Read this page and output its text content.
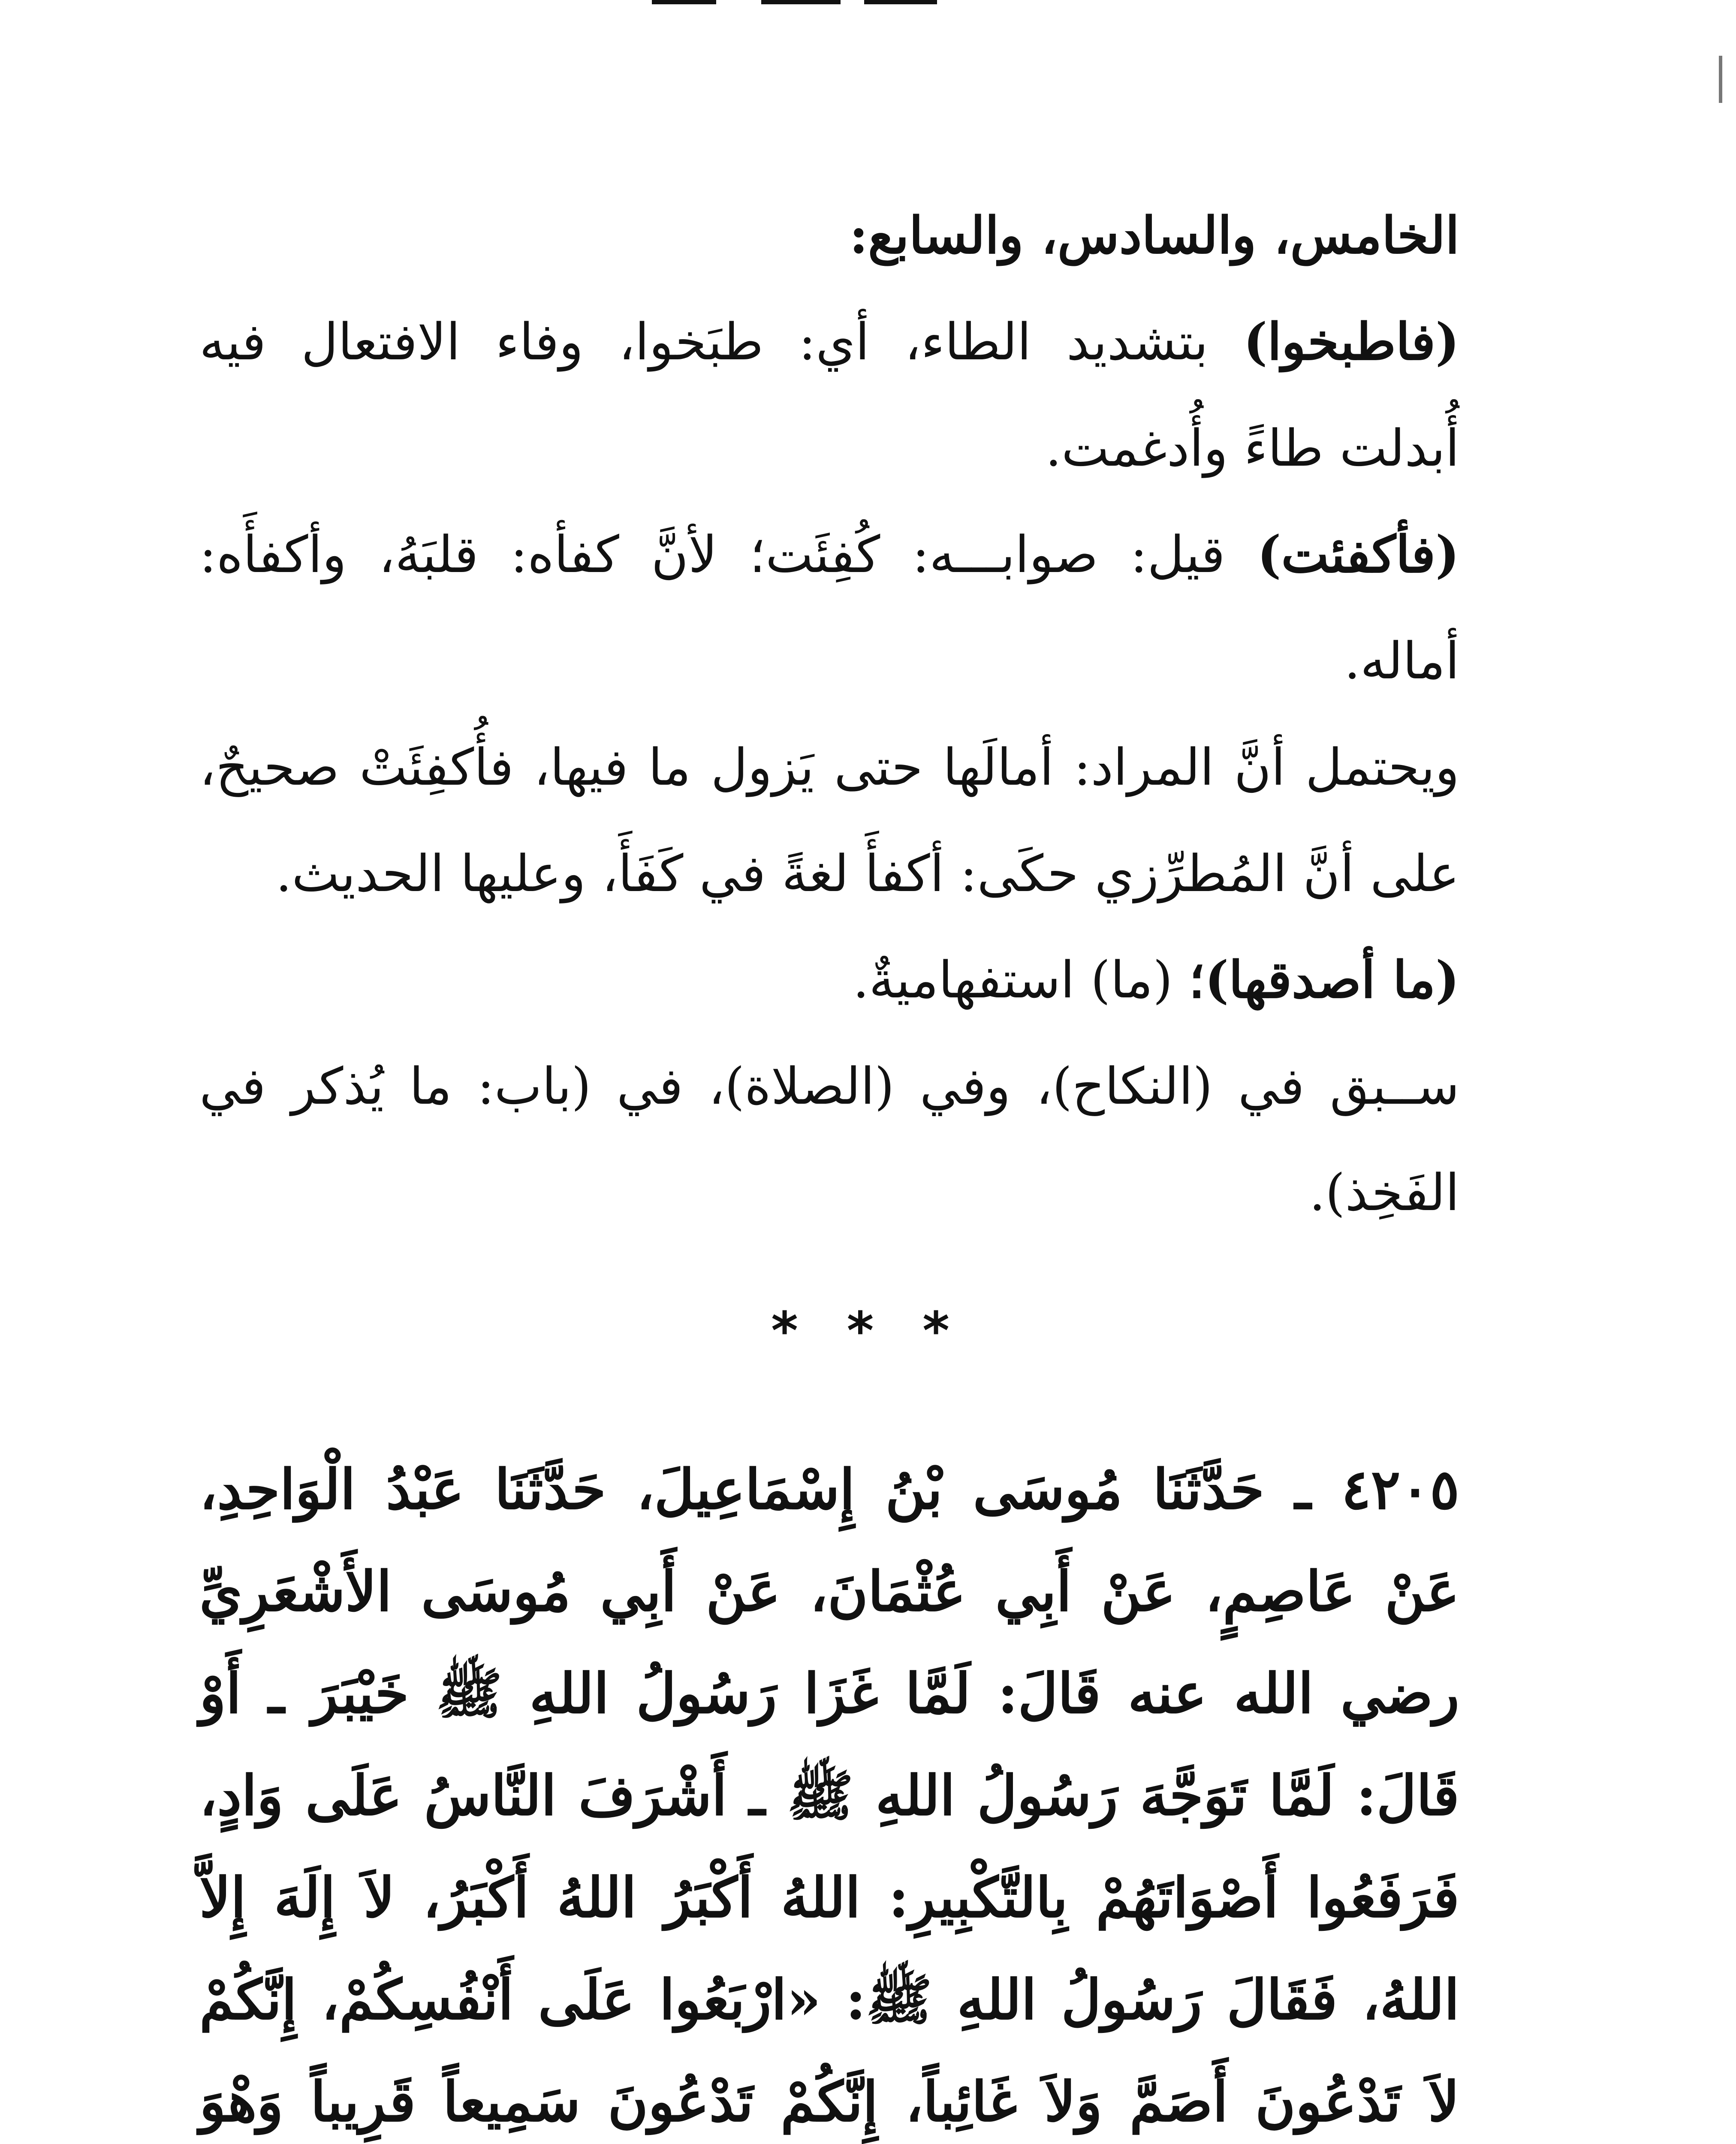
الخامس، والسادس، والسابع:

(فاطبخوا) بتشديد الطاء، أي: طبَخوا، وفاء الافتعال فيه أُبدلت طاءً وأُدغمت.

(فأكفئت) قيل: صوابـــه: كُفِئَت؛ لأنَّ كفأه: قلبَهُ، وأكفأَه: أماله.

ويحتمل أنَّ المراد: أمالَها حتى يَزول ما فيها، فأُكفِئَتْ صحيحٌ، على أنَّ المُطرِّزي حكَى: أكفأَ لغةً في كَفَأَ، وعليها الحديث.

(ما أصدقها)؛ (ما) استفهاميةٌ.

ســبق في (النكاح)، وفي (الصلاة)، في (باب: ما يُذكر في الفَخِذ).

* * *
٤٢٠٥ ـ حَدَّثَنَا مُوسَى بْنُ إِسْمَاعِيلَ، حَدَّثَنَا عَبْدُ الْوَاحِدِ، عَنْ عَاصِمٍ، عَنْ أَبِي عُثْمَانَ، عَنْ أَبِي مُوسَى الأَشْعَرِيِّ رضي الله عنه قَالَ: لَمَّا غَزَا رَسُولُ اللهِ ﷺ خَيْبَرَ ـ أَوْ قَالَ: لَمَّا تَوَجَّهَ رَسُولُ اللهِ ﷺ ـ أَشْرَفَ النَّاسُ عَلَى وَادٍ، فَرَفَعُوا أَصْوَاتَهُمْ بِالتَّكْبِيرِ: اللهُ أَكْبَرُ اللهُ أَكْبَرُ، لاَ إِلَهَ إِلاَّ اللهُ، فَقَالَ رَسُولُ اللهِ ﷺ: «ارْبَعُوا عَلَى أَنْفُسِكُمْ، إِنَّكُمْ لاَ تَدْعُونَ أَصَمَّ وَلاَ غَائِباً، إِنَّكُمْ تَدْعُونَ سَمِيعاً قَرِيباً وَهْوَ
